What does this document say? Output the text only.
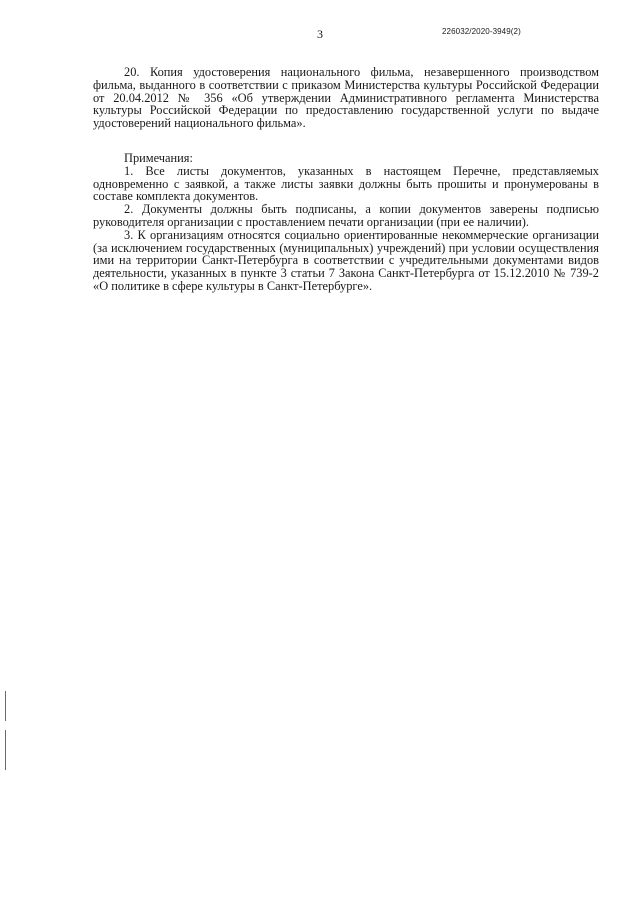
3	226032/2020-3949(2)

20. Копия удостоверения национального фильма, незавершенного производством фильма, выданного в соответствии с приказом Министерства культуры Российской Федерации от 20.04.2012 № 356 «Об утверждении Административного регламента Министерства культуры Российской Федерации по предоставлению государственной услуги по выдаче удостоверений национального фильма».

Примечания:

1. Все листы документов, указанных в настоящем Перечне, представляемых одновременно с заявкой, а также листы заявки должны быть прошиты и пронумерованы в составе комплекта документов.

2. Документы должны быть подписаны, а копии документов заверены подписью руководителя организации с проставлением печати организации (при ее наличии).

3. К организациям относятся социально ориентированные некоммерческие организации (за исключением государственных (муниципальных) учреждений) при условии осуществления ими на территории Санкт-Петербурга в соответствии с учредительными документами видов деятельности, указанных в пункте 3 статьи 7 Закона Санкт-Петербурга от 15.12.2010 № 739-2 «О политике в сфере культуры в Санкт-Петербурге».
